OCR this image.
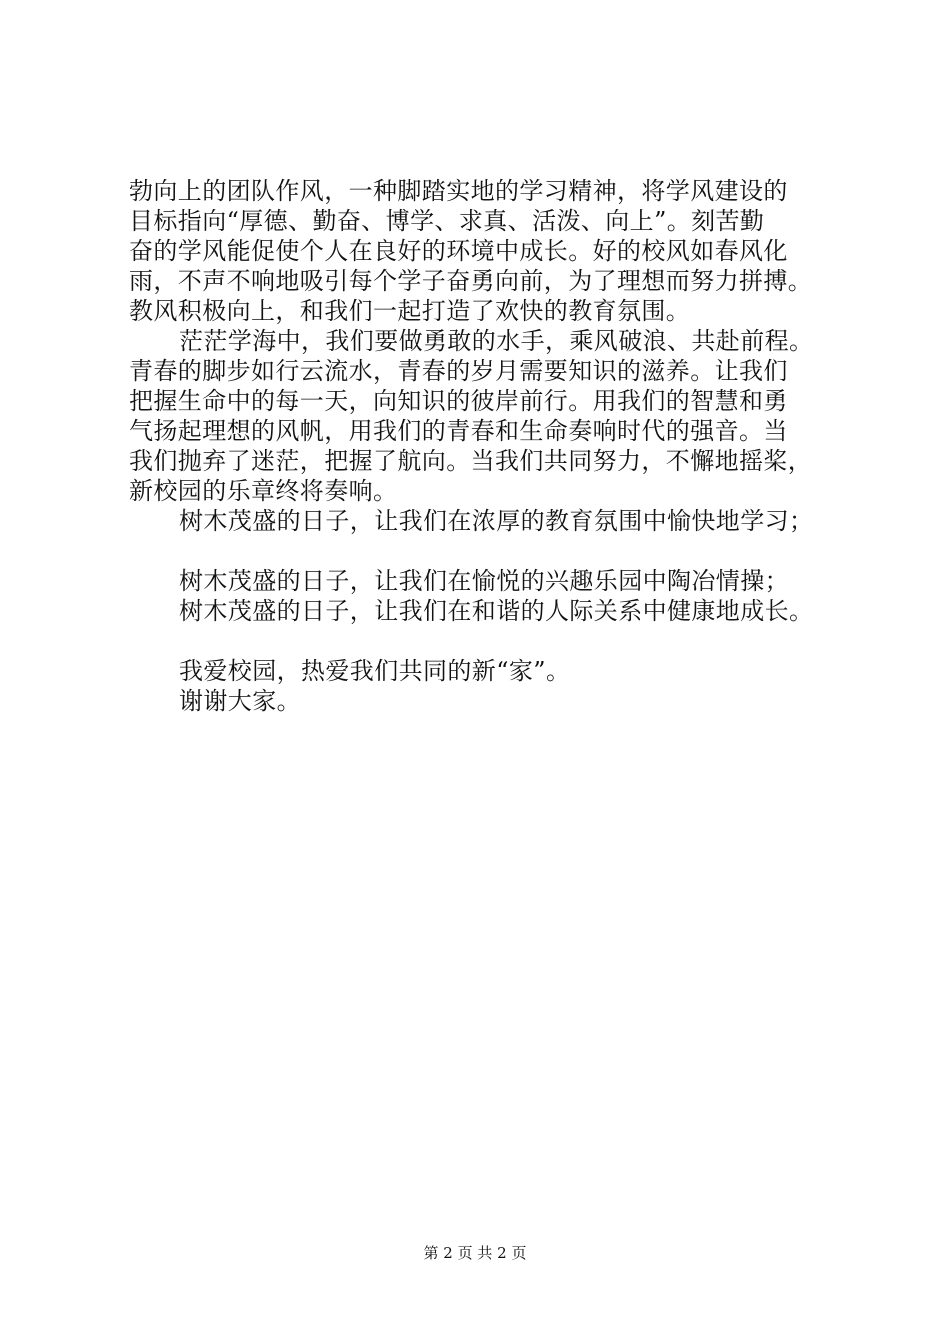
勃向上的团队作风，一种脚踏实地的学习精神，将学风建设的
目标指向“厚德、勤奋、博学、求真、活泼、向上”。刻苦勤
奋的学风能促使个人在良好的环境中成长。好的校风如春风化
雨，不声不响地吸引每个学子奋勇向前，为了理想而努力拼搏。
教风积极向上，和我们一起打造了欢快的教育氛围。
茫茫学海中，我们要做勇敢的水手，乘风破浪、共赴前程。
青春的脚步如行云流水，青春的岁月需要知识的滋养。让我们
把握生命中的每一天，向知识的彼岸前行。用我们的智慧和勇
气扬起理想的风帆，用我们的青春和生命奏响时代的强音。当
我们抛弃了迷茫，把握了航向。当我们共同努力，不懈地摇桨，
新校园的乐章终将奏响。
树木茂盛的日子，让我们在浓厚的教育氛围中愉快地学习；
树木茂盛的日子，让我们在愉悦的兴趣乐园中陶冶情操；
树木茂盛的日子，让我们在和谐的人际关系中健康地成长。
我爱校园，热爱我们共同的新“家”。
谢谢大家。
第 2 页 共 2 页
